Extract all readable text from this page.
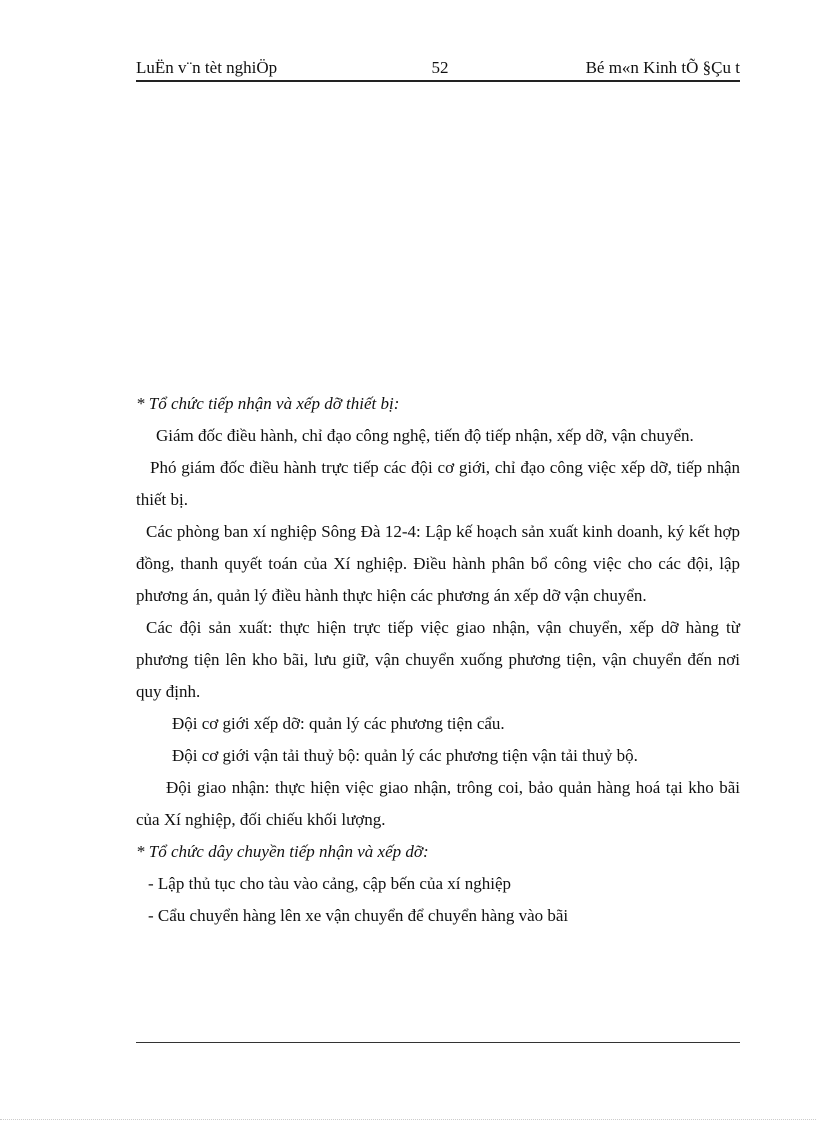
LuËn v¨n tèt nghiÖp	52	Bé m«n Kinh tÕ §Çu t

* Tổ chức tiếp nhận và xếp dỡ thiết bị:

Giám đốc điều hành, chỉ đạo công nghệ, tiến độ tiếp nhận, xếp dỡ, vận chuyển.

Phó giám đốc điều hành trực tiếp các đội cơ giới, chỉ đạo công việc xếp dỡ, tiếp nhận thiết bị.

Các phòng ban xí nghiệp Sông Đà 12-4: Lập kế hoạch sản xuất kinh doanh, ký kết hợp đồng, thanh quyết toán của Xí nghiệp. Điều hành phân bổ công việc cho các đội, lập phương án, quản lý điều hành thực hiện các phương án xếp dỡ vận chuyển.

Các đội sản xuất: thực hiện trực tiếp việc giao nhận, vận chuyển, xếp dỡ hàng từ phương tiện lên kho bãi, lưu giữ, vận chuyển xuống phương tiện, vận chuyển đến nơi quy định.

Đội cơ giới xếp dỡ: quản lý các phương tiện cẩu.

Đội cơ giới vận tải thuỷ bộ: quản lý các phương tiện vận tải thuỷ bộ.

Đội giao nhận: thực hiện việc giao nhận, trông coi, bảo quản hàng hoá tại kho bãi của Xí nghiệp, đối chiếu khối lượng.

* Tổ chức dây chuyền tiếp nhận và xếp dỡ:

- Lập thủ tục cho tàu vào cảng, cập bến của xí nghiệp

- Cẩu chuyển hàng lên xe vận chuyển để chuyển hàng vào bãi
